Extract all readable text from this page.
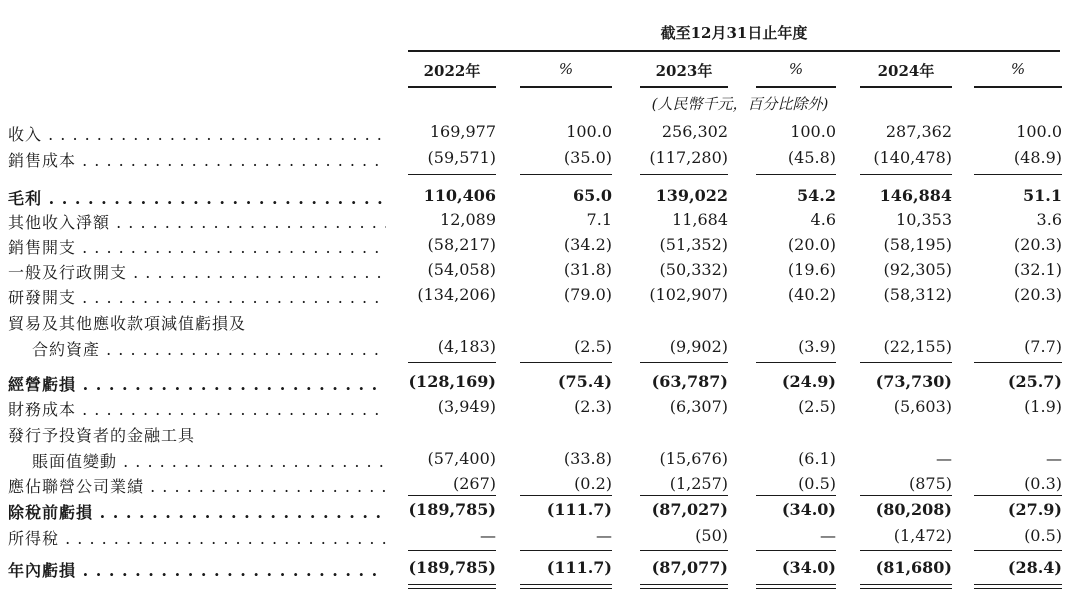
截至12月31日止年度
2022年	%	2023年	%	2024年	%
(人民幣千元，百分比除外)
收入 . . .	169,977	100.0	256,302	100.0	287,362	100.0
銷售成本 . . .	(59,571)	(35.0)	(117,280)	(45.8)	(140,478)	(48.9)
毛利 . . .	110,406	65.0	139,022	54.2	146,884	51.1
其他收入淨額 . . .	12,089	7.1	11,684	4.6	10,353	3.6
銷售開支 . . .	(58,217)	(34.2)	(51,352)	(20.0)	(58,195)	(20.3)
一般及行政開支 . . .	(54,058)	(31.8)	(50,332)	(19.6)	(92,305)	(32.1)
研發開支 . . .	(134,206)	(79.0)	(102,907)	(40.2)	(58,312)	(20.3)
貿易及其他應收款項減值虧損及
合約資產 . . .	(4,183)	(2.5)	(9,902)	(3.9)	(22,155)	(7.7)
經營虧損 . . .	(128,169)	(75.4)	(63,787)	(24.9)	(73,730)	(25.7)
財務成本 . . .	(3,949)	(2.3)	(6,307)	(2.5)	(5,603)	(1.9)
發行予投資者的金融工具
賬面值變動 . . .	(57,400)	(33.8)	(15,676)	(6.1)	—	—
應佔聯營公司業績 . . .	(267)	(0.2)	(1,257)	(0.5)	(875)	(0.3)
除稅前虧損 . . .	(189,785)	(111.7)	(87,027)	(34.0)	(80,208)	(27.9)
所得稅 . . .	—	—	(50)	—	(1,472)	(0.5)
年內虧損 . . .	(189,785)	(111.7)	(87,077)	(34.0)	(81,680)	(28.4)
